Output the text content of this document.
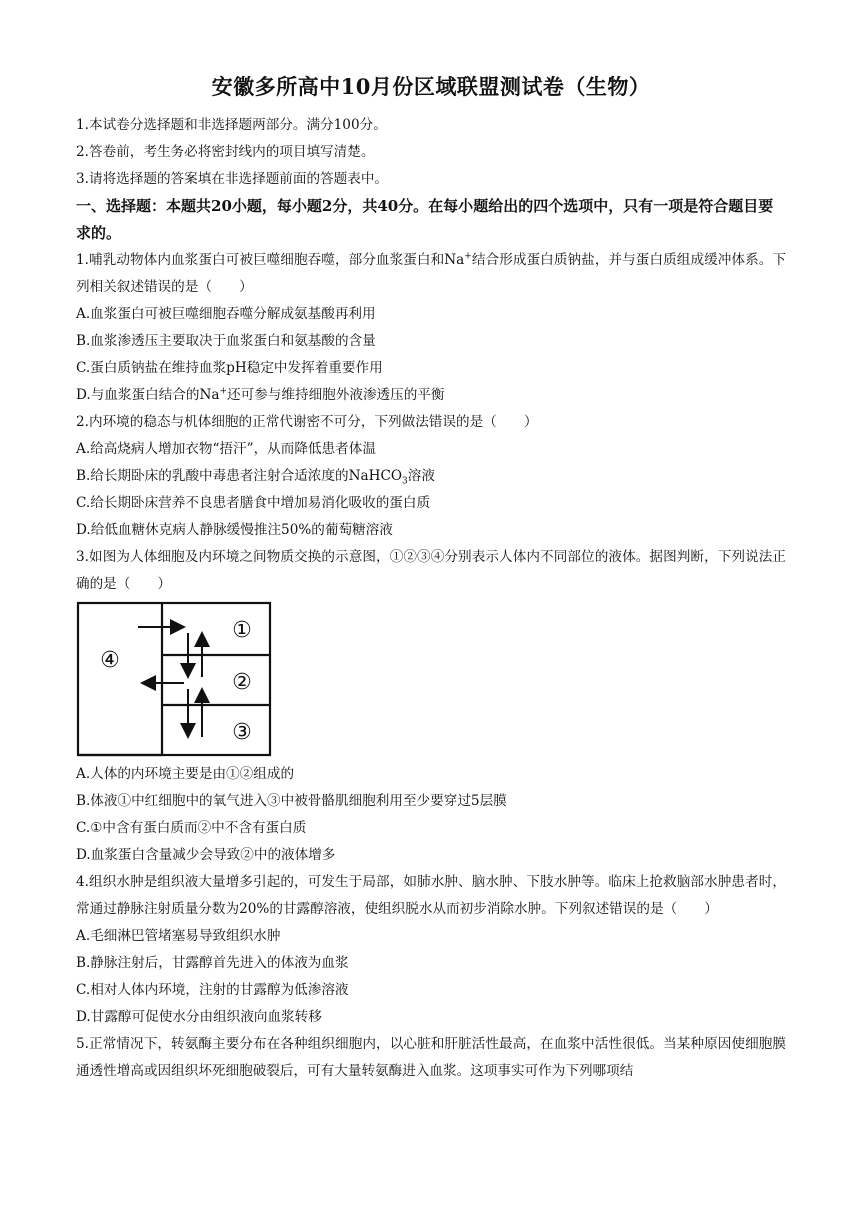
安徽多所高中10月份区域联盟测试卷（生物）
1.本试卷分选择题和非选择题两部分。满分100分。
2.答卷前，考生务必将密封线内的项目填写清楚。
3.请将选择题的答案填在非选择题前面的答题表中。
一、选择题：本题共20小题，每小题2分，共40分。在每小题给出的四个选项中，只有一项是符合题目要求的。
1.哺乳动物体内血浆蛋白可被巨噬细胞吞噬，部分血浆蛋白和Na+结合形成蛋白质钠盐，并与蛋白质组成缓冲体系。下列相关叙述错误的是（　　）
A.血浆蛋白可被巨噬细胞吞噬分解成氨基酸再利用
B.血浆渗透压主要取决于血浆蛋白和氨基酸的含量
C.蛋白质钠盐在维持血浆pH稳定中发挥着重要作用
D.与血浆蛋白结合的Na+还可参与维持细胞外液渗透压的平衡
2.内环境的稳态与机体细胞的正常代谢密不可分，下列做法错误的是（　　）
A.给高烧病人增加衣物“捂汗”，从而降低患者体温
B.给长期卧床的乳酸中毒患者注射合适浓度的NaHCO$_3$溶液
C.给长期卧床营养不良患者膳食中增加易消化吸收的蛋白质
D.给低血糖休克病人静脉缓慢推注50%的葡萄糖溶液
3.如图为人体细胞及内环境之间物质交换的示意图，①②③④分别表示人体内不同部位的液体。据图判断，下列说法正确的是（　　）
①
②
③
④
A.人体的内环境主要是由①②组成的
B.体液①中红细胞中的氧气进入③中被骨骼肌细胞利用至少要穿过5层膜
C.①中含有蛋白质而②中不含有蛋白质
D.血浆蛋白含量减少会导致②中的液体增多
4.组织水肿是组织液大量增多引起的，可发生于局部，如肺水肿、脑水肿、下肢水肿等。临床上抢救脑部水肿患者时，常通过静脉注射质量分数为20%的甘露醇溶液，使组织脱水从而初步消除水肿。下列叙述错误的是（　　）
A.毛细淋巴管堵塞易导致组织水肿
B.静脉注射后，甘露醇首先进入的体液为血浆
C.相对人体内环境，注射的甘露醇为低渗溶液
D.甘露醇可促使水分由组织液向血浆转移
5.正常情况下，转氨酶主要分布在各种组织细胞内，以心脏和肝脏活性最高，在血浆中活性很低。当某种原因使细胞膜通透性增高或因组织坏死细胞破裂后，可有大量转氨酶进入血浆。这项事实可作为下列哪项结
